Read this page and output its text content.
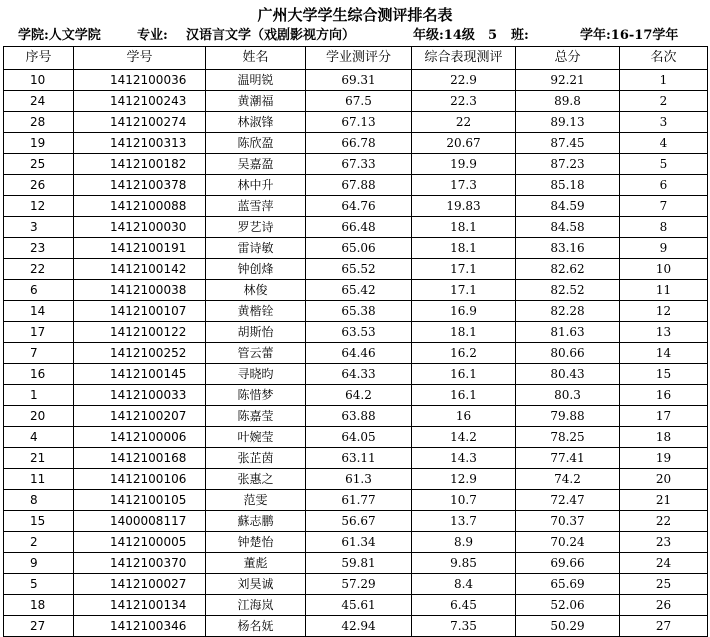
广州大学学生综合测评排名表
学院:人文学院	专业: 汉语言文学（戏剧影视方向）	年级:14级 5 班:	学年:16-17学年
序号	学号	姓名	学业测评分	综合表现测评	总分	名次
10	1412100036	温明锐	69.31	22.9	92.21	1
24	1412100243	黄潮福	67.5	22.3	89.8	2
28	1412100274	林淑锋	67.13	22	89.13	3
19	1412100313	陈欣盈	66.78	20.67	87.45	4
25	1412100182	吴嘉盈	67.33	19.9	87.23	5
26	1412100378	林中升	67.88	17.3	85.18	6
12	1412100088	蓝雪萍	64.76	19.83	84.59	7
3	1412100030	罗艺诗	66.48	18.1	84.58	8
23	1412100191	雷诗敏	65.06	18.1	83.16	9
22	1412100142	钟创烽	65.52	17.1	82.62	10
6	1412100038	林俊	65.42	17.1	82.52	11
14	1412100107	黄楷铨	65.38	16.9	82.28	12
17	1412100122	胡斯怡	63.53	18.1	81.63	13
7	1412100252	管云蕾	64.46	16.2	80.66	14
16	1412100145	寻晓昀	64.33	16.1	80.43	15
1	1412100033	陈惜梦	64.2	16.1	80.3	16
20	1412100207	陈嘉莹	63.88	16	79.88	17
4	1412100006	叶婉莹	64.05	14.2	78.25	18
21	1412100168	张芷茵	63.11	14.3	77.41	19
11	1412100106	张惠之	61.3	12.9	74.2	20
8	1412100105	范雯	61.77	10.7	72.47	21
15	1400008117	蘇志鹏	56.67	13.7	70.37	22
2	1412100005	钟楚怡	61.34	8.9	70.24	23
9	1412100370	董彪	59.81	9.85	69.66	24
5	1412100027	刘昊诚	57.29	8.4	65.69	25
18	1412100134	江海岚	45.61	6.45	52.06	26
27	1412100346	杨名妩	42.94	7.35	50.29	27
